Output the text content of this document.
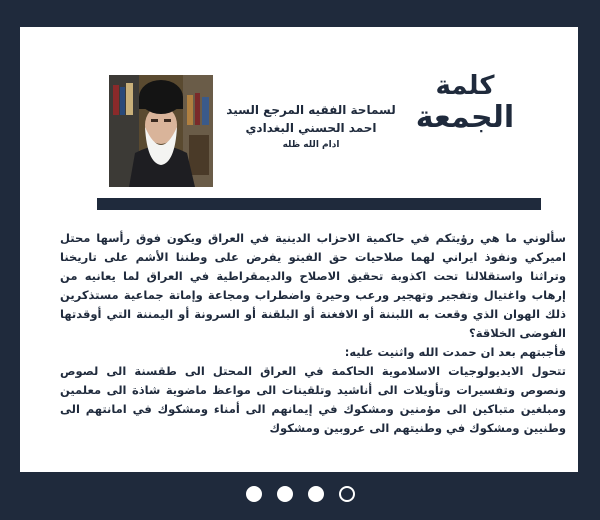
كلمة
الجمعة
لسماحة الفقيه المرجع السيد
احمد الحسني البغدادي
ادام الله ظله

سألوني ما هي رؤيتكم في حاكمية الاحزاب الدينية في العراق ويكون فوق رأسها محتل اميركي ونفوذ ايراني لهما صلاحيات حق الفيتو يفرض على وطننا الأشم على تاريخنا وتراثنا واستقلالنا تحت اكذوبة تحقيق الاصلاح والديمقراطية في العراق لما يعانيه من إرهاب واغتيال وتفجير وتهجير ورعب وحيرة واضطراب ومجاعة وإماتة جماعية مستذكرين ذلك الهوان الذي وقعت به اللبننة أو الافغنة أو البلقنة أو السرونة أو اليمننة التي أوقدتها الفوضى الخلاقة؟

فأجبتهم بعد ان حمدت الله واثنيت عليه:

تتحول الايديولوجيات الاسلاموية الحاكمة في العراق المحتل الى طقسنة الى لصوص ونصوص وتفسيرات وتأويلات الى أناشيد وتلقينات الى مواعظ ماضوية شاذة الى معلمين ومبلغين متباكين الى مؤمنين ومشكوك في إيمانهم الى أمناء ومشكوك في امانتهم الى وطنيين ومشكوك في وطنيتهم الى عروبين ومشكوك
